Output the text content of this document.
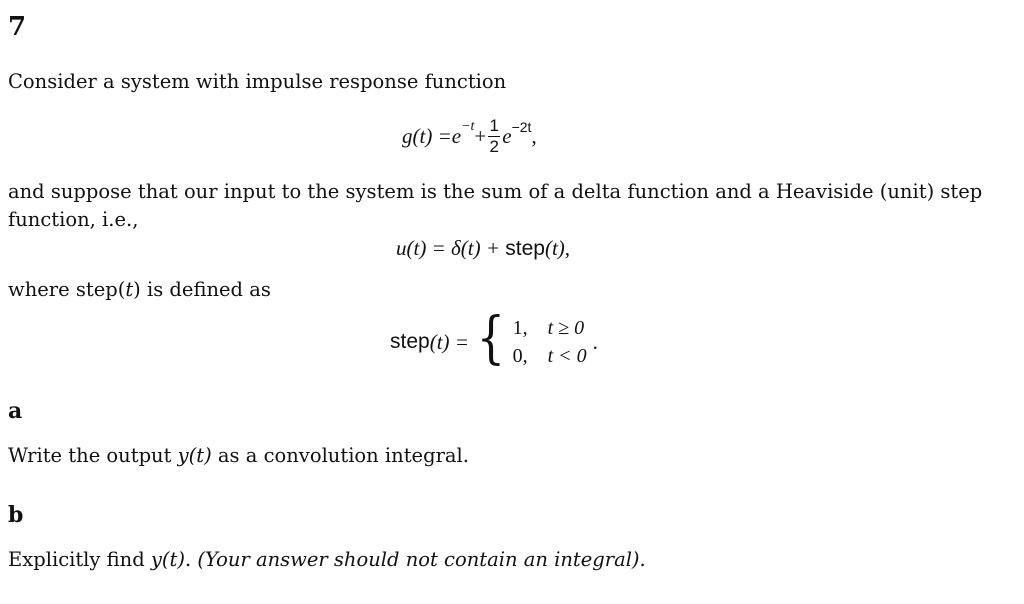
7
Consider a system with impulse response function
$g(t) = e -t + \frac{1}{2}$ e −2t ,
and suppose that our input to the system is the sum of a delta function and a Heaviside (unit) step
function, i.e.,
u(t) = δ(t) + step(t),
where step(t) is defined as
step (t) = { 1, t ≥ 0
0, t < 0
.
a
Write the output y(t) as a convolution integral.
b
Explicitly find y(t). (Your answer should not contain an integral).
